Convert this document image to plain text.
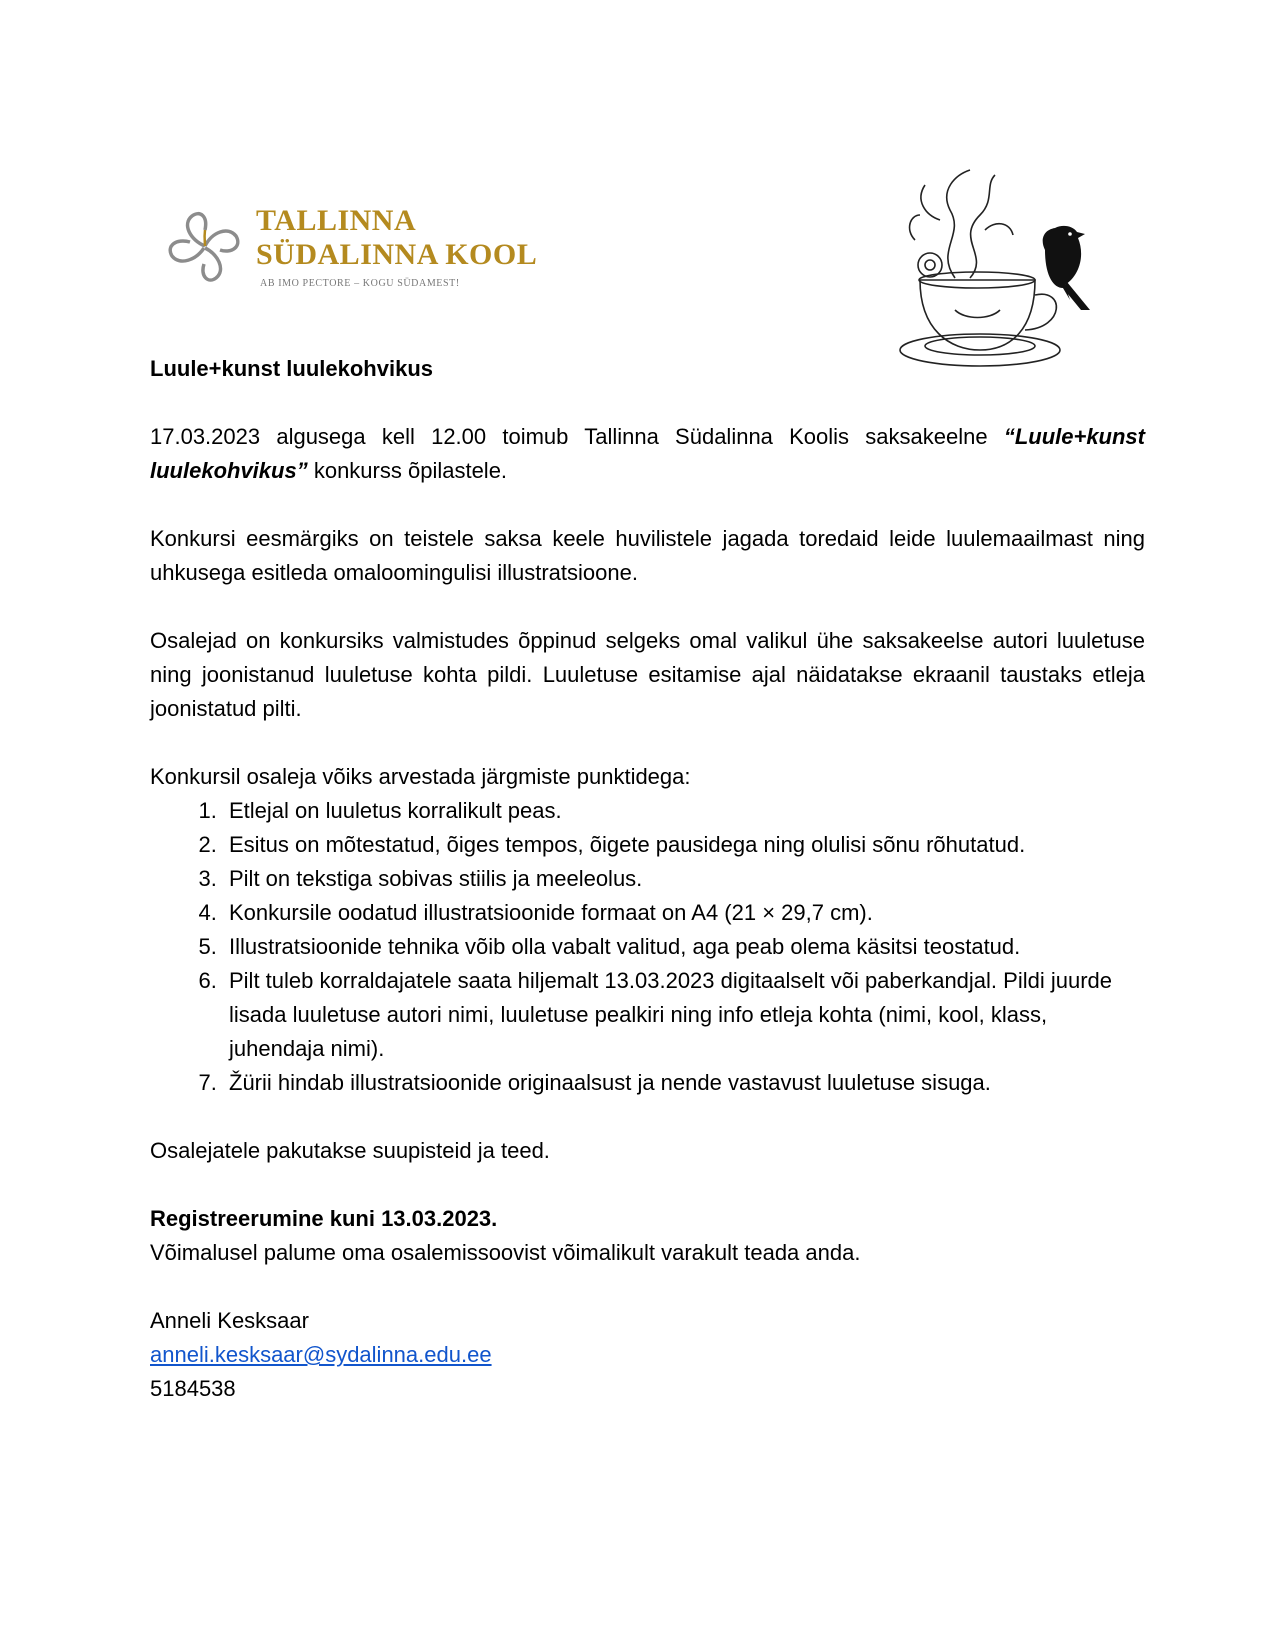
TALLINNA
SÜDALINNA KOOL
AB IMO PECTORE – KOGU SÜDAMEST!

Luule+kunst luulekohvikus

17.03.2023 algusega kell 12.00 toimub Tallinna Südalinna Koolis saksakeelne “Luule+kunst luulekohvikus” konkurss õpilastele.

Konkursi eesmärgiks on teistele saksa keele huvilistele jagada toredaid leide luulemaailmast ning uhkusega esitleda omaloomingulisi illustratsioone.

Osalejad on konkursiks valmistudes õppinud selgeks omal valikul ühe saksakeelse autori luuletuse ning joonistanud luuletuse kohta pildi. Luuletuse esitamise ajal näidatakse ekraanil taustaks etleja joonistatud pilti.

Konkursil osaleja võiks arvestada järgmiste punktidega:

1. Etlejal on luuletus korralikult peas.
2. Esitus on mõtestatud, õiges tempos, õigete pausidega ning olulisi sõnu rõhutatud.
3. Pilt on tekstiga sobivas stiilis ja meeleolus.
4. Konkursile oodatud illustratsioonide formaat on A4 (21 × 29,7 cm).
5. Illustratsioonide tehnika võib olla vabalt valitud, aga peab olema käsitsi teostatud.
6. Pilt tuleb korraldajatele saata hiljemalt 13.03.2023 digitaalselt või paberkandjal. Pildi juurde lisada luuletuse autori nimi, luuletuse pealkiri ning info etleja kohta (nimi, kool, klass, juhendaja nimi).
7. Žürii hindab illustratsioonide originaalsust ja nende vastavust luuletuse sisuga.

Osalejatele pakutakse suupisteid ja teed.

Registreerumine kuni 13.03.2023.

Võimalusel palume oma osalemissoovist võimalikult varakult teada anda.

Anneli Kesksaar

anneli.kesksaar@sydalinna.edu.ee

5184538
